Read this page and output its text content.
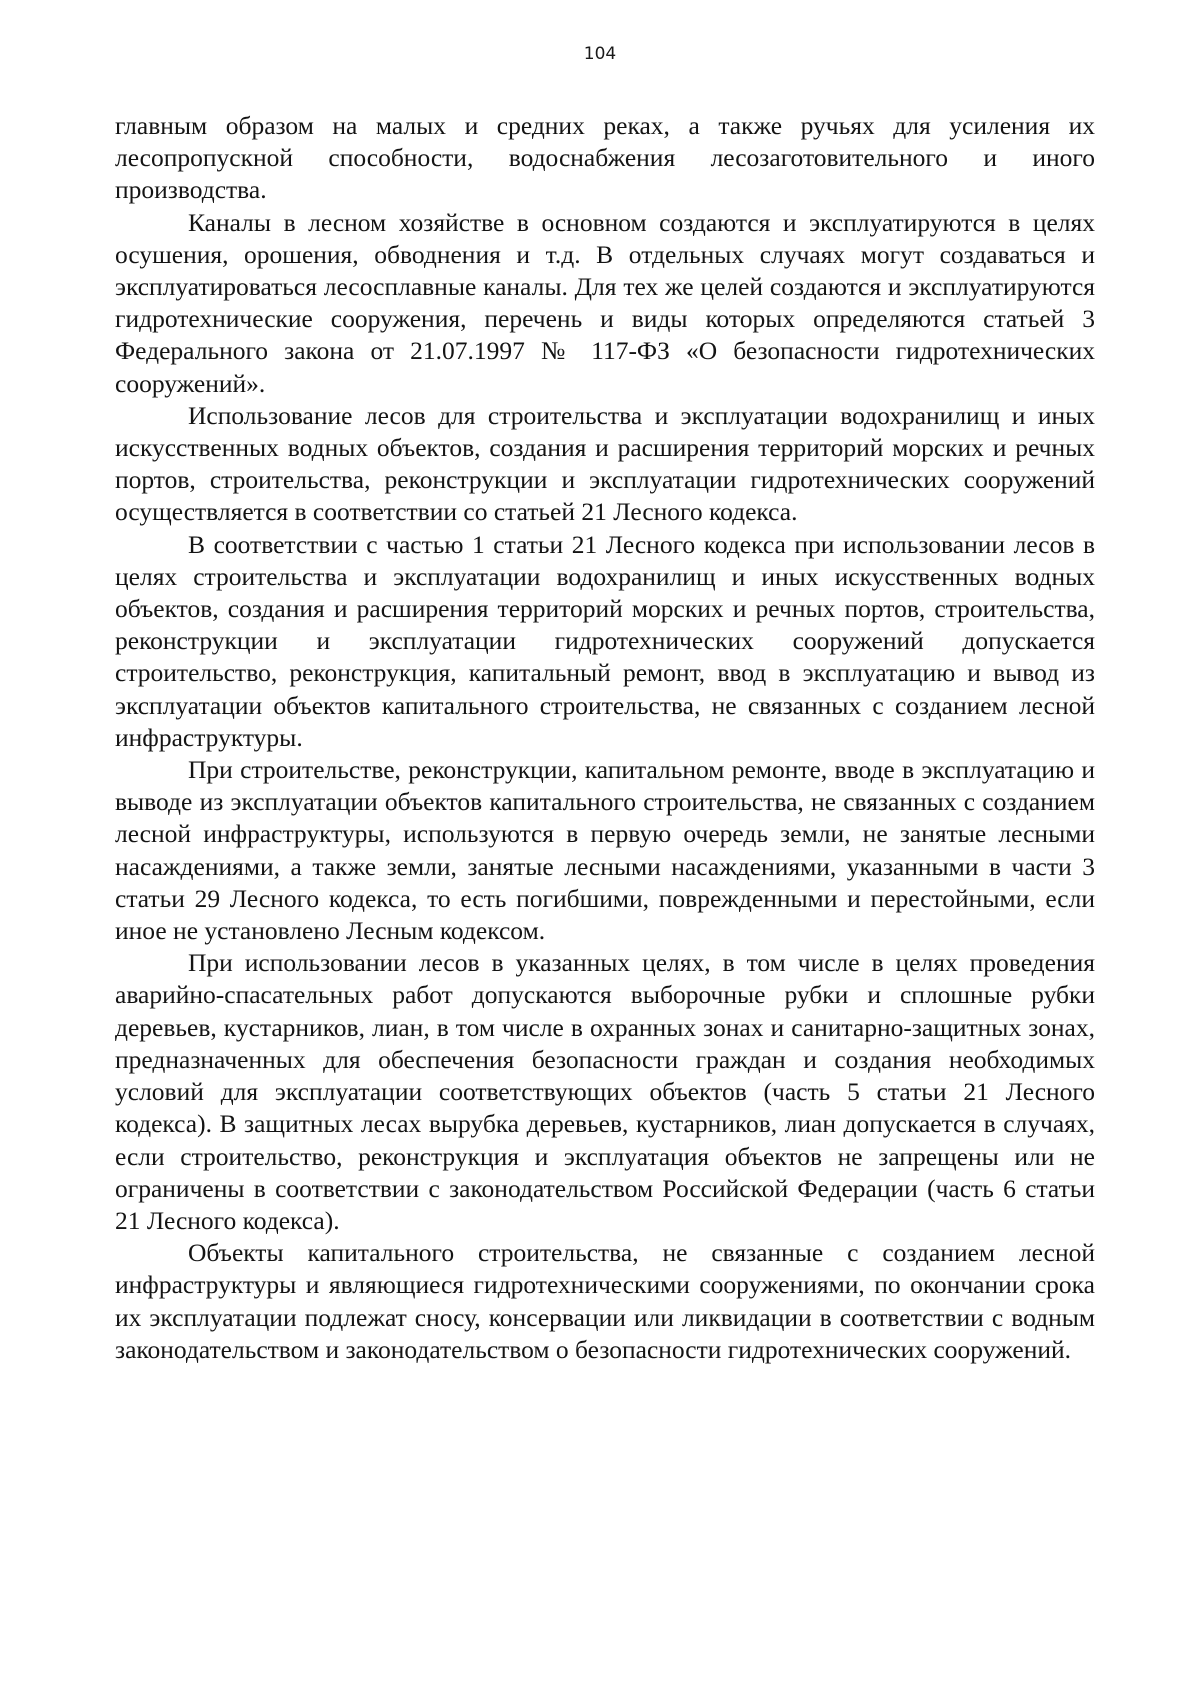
104

главным образом на малых и средних реках, а также ручьях для усиления их лесопропускной способности, водоснабжения лесозаготовительного и иного производства.

Каналы в лесном хозяйстве в основном создаются и эксплуатируются в целях осушения, орошения, обводнения и т.д. В отдельных случаях могут создаваться и эксплуатироваться лесосплавные каналы. Для тех же целей создаются и эксплуатируются гидротехнические сооружения, перечень и виды которых определяются статьей 3 Федерального закона от 21.07.1997 № 117-ФЗ «О безопасности гидротехнических сооружений».

Использование лесов для строительства и эксплуатации водохранилищ и иных искусственных водных объектов, создания и расширения территорий морских и речных портов, строительства, реконструкции и эксплуатации гидротехнических сооружений осуществляется в соответствии со статьей 21 Лесного кодекса.

В соответствии с частью 1 статьи 21 Лесного кодекса при использовании лесов в целях строительства и эксплуатации водохранилищ и иных искусственных водных объектов, создания и расширения территорий морских и речных портов, строительства, реконструкции и эксплуатации гидротехнических сооружений допускается строительство, реконструкция, капитальный ремонт, ввод в эксплуатацию и вывод из эксплуатации объектов капитального строительства, не связанных с созданием лесной инфраструктуры.

При строительстве, реконструкции, капитальном ремонте, вводе в эксплуатацию и выводе из эксплуатации объектов капитального строительства, не связанных с созданием лесной инфраструктуры, используются в первую очередь земли, не занятые лесными насаждениями, а также земли, занятые лесными насаждениями, указанными в части 3 статьи 29 Лесного кодекса, то есть погибшими, поврежденными и перестойными, если иное не установлено Лесным кодексом.

При использовании лесов в указанных целях, в том числе в целях проведения аварийно-спасательных работ допускаются выборочные рубки и сплошные рубки деревьев, кустарников, лиан, в том числе в охранных зонах и санитарно-защитных зонах, предназначенных для обеспечения безопасности граждан и создания необходимых условий для эксплуатации соответствующих объектов (часть 5 статьи 21 Лесного кодекса). В защитных лесах вырубка деревьев, кустарников, лиан допускается в случаях, если строительство, реконструкция и эксплуатация объектов не запрещены или не ограничены в соответствии с законодательством Российской Федерации (часть 6 статьи 21 Лесного кодекса).

Объекты капитального строительства, не связанные с созданием лесной инфраструктуры и являющиеся гидротехническими сооружениями, по окончании срока их эксплуатации подлежат сносу, консервации или ликвидации в соответствии с водным законодательством и законодательством о безопасности гидротехнических сооружений.
